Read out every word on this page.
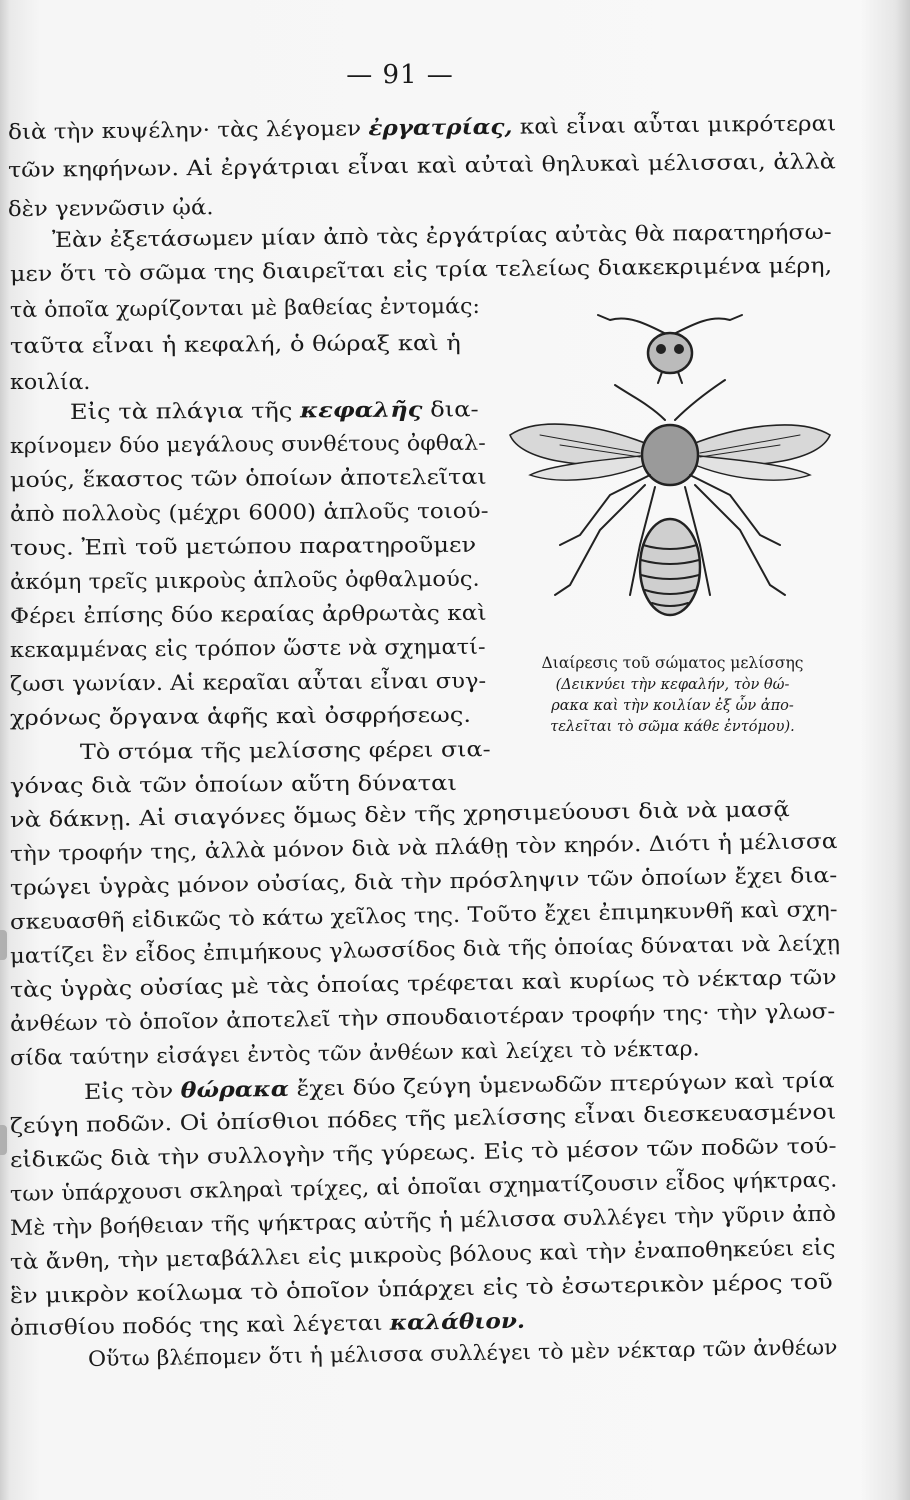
— 91 —
διὰ τὴν κυψέλην· τὰς λέγομεν ἐργατρίας, καὶ εἶναι αὗται μικρότεραι
τῶν κηφήνων. Αἱ ἐργάτριαι εἶναι καὶ αὐταὶ θηλυκαὶ μέλισσαι, ἀλλὰ
δὲν γεννῶσιν ᾠά.
Ἐὰν ἐξετάσωμεν μίαν ἀπὸ τὰς ἐργάτρίας αὐτὰς θὰ παρατηρήσω-
μεν ὅτι τὸ σῶμα της διαιρεῖται εἰς τρία τελείως διακεκριμένα μέρη,
τὰ ὁποῖα χωρίζονται μὲ βαθείας ἐντομάς:
ταῦτα εἶναι ἡ κεφαλή, ὁ θώραξ καὶ ἡ
κοιλία.
Εἰς τὰ πλάγια τῆς κεφαλῆς δια-
κρίνομεν δύο μεγάλους συνθέτους ὀφθαλ-
μούς, ἕκαστος τῶν ὁποίων ἀποτελεῖται
ἀπὸ πολλοὺς (μέχρι 6000) ἁπλοῦς τοιού-
τους. Ἐπὶ τοῦ μετώπου παρατηροῦμεν
ἀκόμη τρεῖς μικροὺς ἁπλοῦς ὀφθαλμούς.
Φέρει ἐπίσης δύο κεραίας ἀρθρωτὰς καὶ
κεκαμμένας εἰς τρόπον ὥστε νὰ σχηματί-
ζωσι γωνίαν. Αἱ κεραῖαι αὗται εἶναι συγ-
χρόνως ὄργανα ἁφῆς καὶ ὀσφρήσεως.
Τὸ στόμα τῆς μελίσσης φέρει σια-
γόνας διὰ τῶν ὁποίων αὕτη δύναται
νὰ δάκνῃ. Αἱ σιαγόνες ὅμως δὲν τῆς χρησιμεύουσι διὰ νὰ μασᾷ
τὴν τροφήν της, ἀλλὰ μόνον διὰ νὰ πλάθῃ τὸν κηρόν. Διότι ἡ μέλισσα
τρώγει ὑγρὰς μόνον οὐσίας, διὰ τὴν πρόσληψιν τῶν ὁποίων ἔχει δια-
σκευασθῆ εἰδικῶς τὸ κάτω χεῖλος της. Τοῦτο ἔχει ἐπιμηκυνθῆ καὶ σχη-
ματίζει ἓν εἶδος ἐπιμήκους γλωσσίδος διὰ τῆς ὁποίας δύναται νὰ λείχῃ
τὰς ὑγρὰς οὐσίας μὲ τὰς ὁποίας τρέφεται καὶ κυρίως τὸ νέκταρ τῶν
ἀνθέων τὸ ὁποῖον ἀποτελεῖ τὴν σπουδαιοτέραν τροφήν της· τὴν γλωσ-
σίδα ταύτην εἰσάγει ἐντὸς τῶν ἀνθέων καὶ λείχει τὸ νέκταρ.
Εἰς τὸν θώρακα ἔχει δύο ζεύγη ὑμενωδῶν πτερύγων καὶ τρία
ζεύγη ποδῶν. Οἱ ὀπίσθιοι πόδες τῆς μελίσσης εἶναι διεσκευασμένοι
εἰδικῶς διὰ τὴν συλλογὴν τῆς γύρεως. Εἰς τὸ μέσον τῶν ποδῶν τού-
των ὑπάρχουσι σκληραὶ τρίχες, αἱ ὁποῖαι σχηματίζουσιν εἶδος ψήκτρας.
Μὲ τὴν βοήθειαν τῆς ψήκτρας αὐτῆς ἡ μέλισσα συλλέγει τὴν γῦριν ἀπὸ
τὰ ἄνθη, τὴν μεταβάλλει εἰς μικροὺς βόλους καὶ τὴν ἐναποθηκεύει εἰς
ἓν μικρὸν κοίλωμα τὸ ὁποῖον ὑπάρχει εἰς τὸ ἐσωτερικὸν μέρος τοῦ
ὀπισθίου ποδός της καὶ λέγεται καλάθιον.
Οὕτω βλέπομεν ὅτι ἡ μέλισσα συλλέγει τὸ μὲν νέκταρ τῶν ἀνθέων
Διαίρεσις τοῦ σώματος μελίσσης
(Δεικνύει τὴν κεφαλήν, τὸν θώ-
ρακα καὶ τὴν κοιλίαν ἐξ ὧν ἀπο-
τελεῖται τὸ σῶμα κάθε ἐντόμου).
